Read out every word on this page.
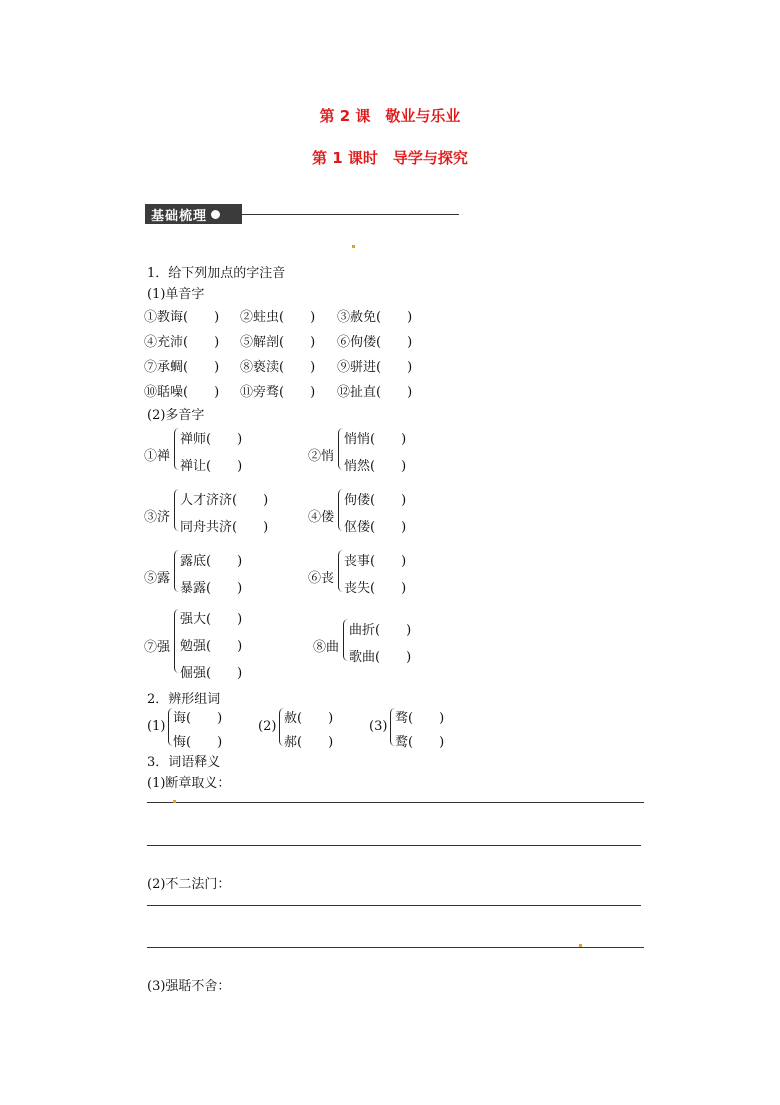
第 2 课　敬业与乐业
第 1 课时　导学与探究
基础梳理
1．给下列加点的字注音
(1)单音字
①教诲(　　) ②蛀虫(　　) ③赦免(　　)
④充沛(　　) ⑤解剖(　　) ⑥佝偻(　　)
⑦承蜩(　　) ⑧亵渎(　　) ⑨骈进(　　)
⑩聒噪(　　) ⑪旁骛(　　) ⑫扯直(　　)
(2)多音字
①禅
禅师(　　)
禅让(　　)
②悄
悄悄(　　)
悄然(　　)
③济
人才济济(　　)
同舟共济(　　)
④偻
佝偻(　　)
伛偻(　　)
⑤露
露底(　　)
暴露(　　)
⑥丧
丧事(　　)
丧失(　　)
⑦强
强大(　　)
勉强(　　)
倔强(　　)
⑧曲
曲折(　　)
歌曲(　　)
2．辨形组词
(1)
诲(　　)
悔(　　)
(2)
赦(　　)
郝(　　)
(3)
骛(　　)
鹜(　　)
3．词语释义
(1)断章取义：
(2)不二法门：
(3)强聒不舍：
